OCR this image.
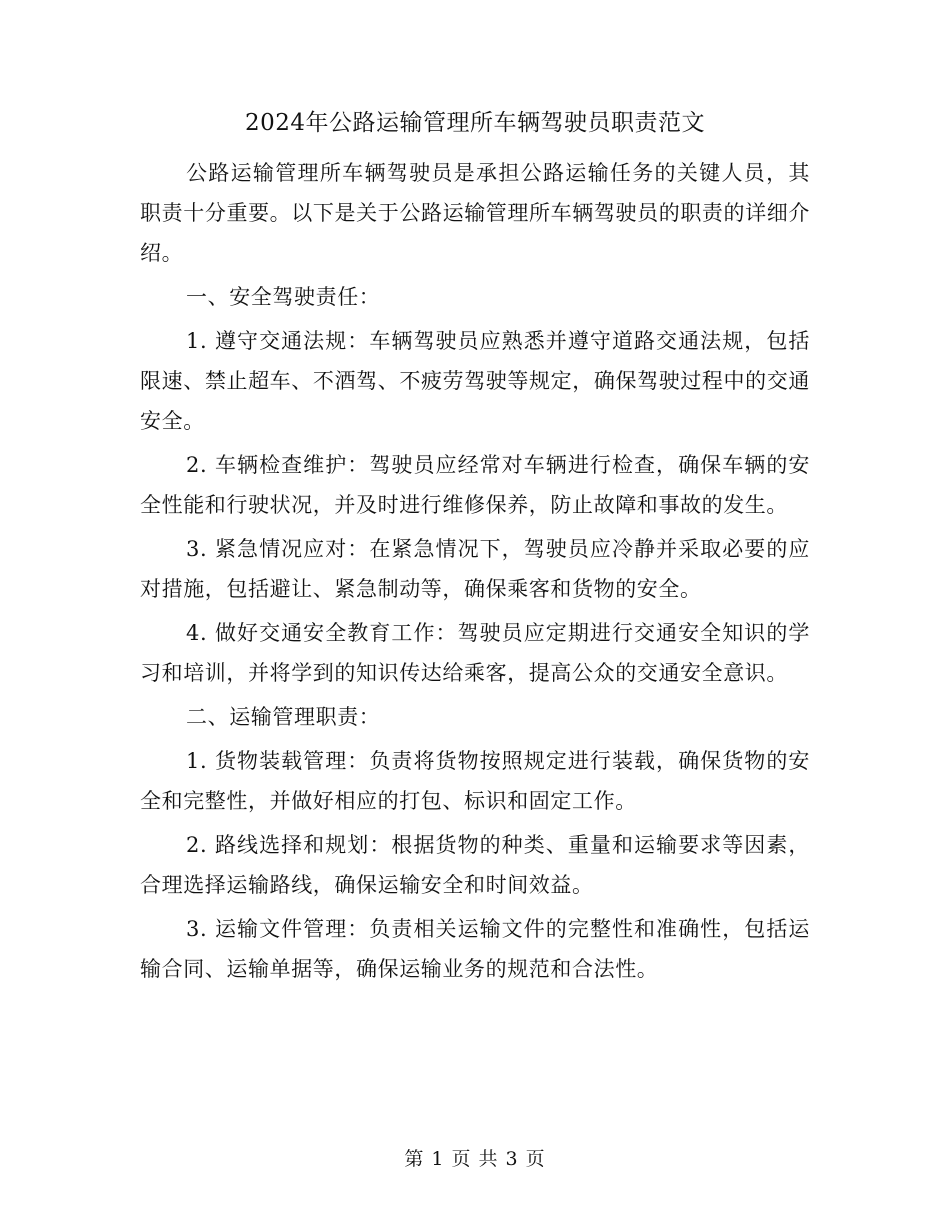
2024年公路运输管理所车辆驾驶员职责范文

公路运输管理所车辆驾驶员是承担公路运输任务的关键人员，其职责十分重要。以下是关于公路运输管理所车辆驾驶员的职责的详细介绍。

一、安全驾驶责任：

1. 遵守交通法规：车辆驾驶员应熟悉并遵守道路交通法规，包括限速、禁止超车、不酒驾、不疲劳驾驶等规定，确保驾驶过程中的交通安全。

2. 车辆检查维护：驾驶员应经常对车辆进行检查，确保车辆的安全性能和行驶状况，并及时进行维修保养，防止故障和事故的发生。

3. 紧急情况应对：在紧急情况下，驾驶员应冷静并采取必要的应对措施，包括避让、紧急制动等，确保乘客和货物的安全。

4. 做好交通安全教育工作：驾驶员应定期进行交通安全知识的学习和培训，并将学到的知识传达给乘客，提高公众的交通安全意识。

二、运输管理职责：

1. 货物装载管理：负责将货物按照规定进行装载，确保货物的安全和完整性，并做好相应的打包、标识和固定工作。

2. 路线选择和规划：根据货物的种类、重量和运输要求等因素，合理选择运输路线，确保运输安全和时间效益。

3. 运输文件管理：负责相关运输文件的完整性和准确性，包括运输合同、运输单据等，确保运输业务的规范和合法性。

第 1 页 共 3 页
